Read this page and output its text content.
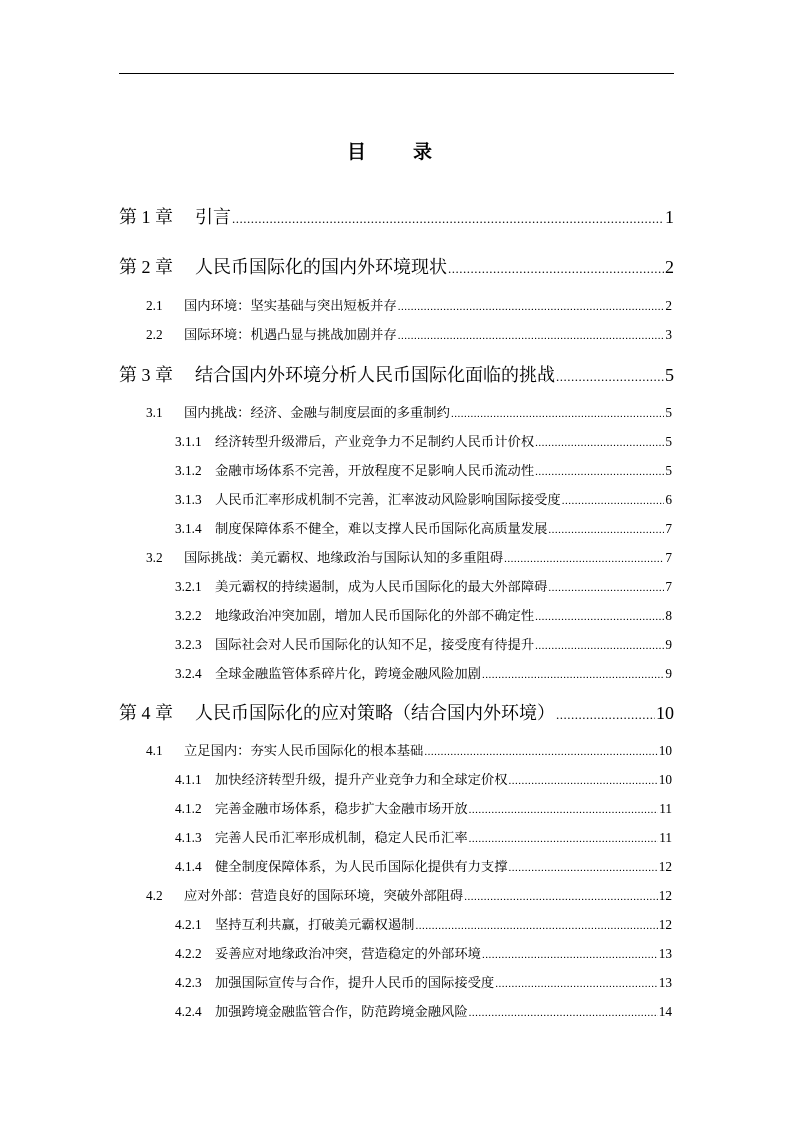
目　录
第 1 章	引言 .....	1
第 2 章	人民币国际化的国内外环境现状 .....	2
2.1	国内环境：坚实基础与突出短板并存 .....	2
2.2	国际环境：机遇凸显与挑战加剧并存 .....	3
第 3 章	结合国内外环境分析人民币国际化面临的挑战 .....	5
3.1	国内挑战：经济、金融与制度层面的多重制约 .....	5
3.1.1	经济转型升级滞后，产业竞争力不足制约人民币计价权 .....	5
3.1.2	金融市场体系不完善，开放程度不足影响人民币流动性 .....	5
3.1.3	人民币汇率形成机制不完善，汇率波动风险影响国际接受度 .....	6
3.1.4	制度保障体系不健全，难以支撑人民币国际化高质量发展 .....	7
3.2	国际挑战：美元霸权、地缘政治与国际认知的多重阻碍 .....	7
3.2.1	美元霸权的持续遏制，成为人民币国际化的最大外部障碍 .....	7
3.2.2	地缘政治冲突加剧，增加人民币国际化的外部不确定性 .....	8
3.2.3	国际社会对人民币国际化的认知不足，接受度有待提升 .....	9
3.2.4	全球金融监管体系碎片化，跨境金融风险加剧 .....	9
第 4 章	人民币国际化的应对策略（结合国内外环境） .....	10
4.1	立足国内：夯实人民币国际化的根本基础 .....	10
4.1.1	加快经济转型升级，提升产业竞争力和全球定价权 .....	10
4.1.2	完善金融市场体系，稳步扩大金融市场开放 .....	11
4.1.3	完善人民币汇率形成机制，稳定人民币汇率 .....	11
4.1.4	健全制度保障体系，为人民币国际化提供有力支撑 .....	12
4.2	应对外部：营造良好的国际环境，突破外部阻碍 .....	12
4.2.1	坚持互利共赢，打破美元霸权遏制 .....	12
4.2.2	妥善应对地缘政治冲突，营造稳定的外部环境 .....	13
4.2.3	加强国际宣传与合作，提升人民币的国际接受度 .....	13
4.2.4	加强跨境金融监管合作，防范跨境金融风险 .....	14
